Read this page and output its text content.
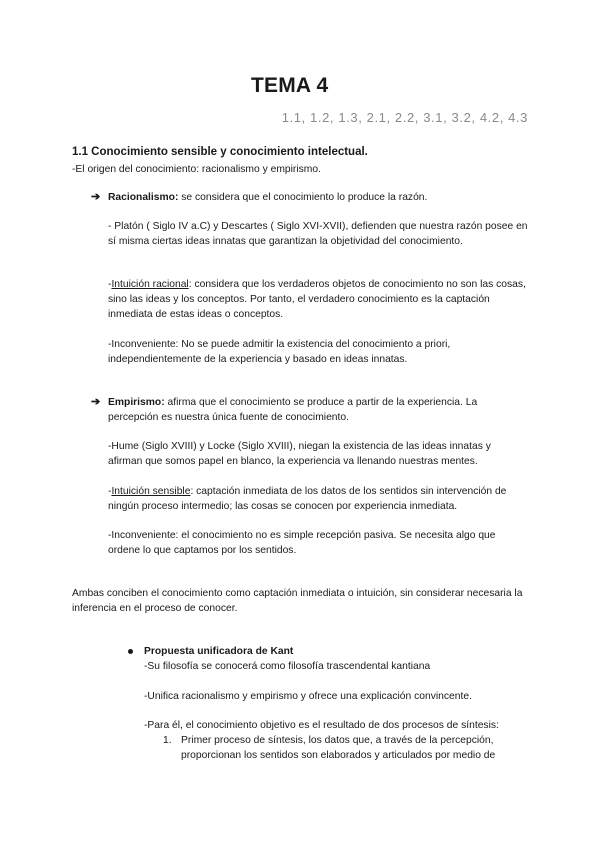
TEMA 4
1.1, 1.2, 1.3, 2.1, 2.2, 3.1, 3.2, 4.2, 4.3
1.1 Conocimiento sensible y conocimiento intelectual.
-El origen del conocimiento: racionalismo y empirismo.
➔ Racionalismo: se considera que el conocimiento lo produce la razón.
- Platón ( Siglo IV a.C) y Descartes ( Siglo XVI-XVII), defienden que nuestra razón posee en sí misma ciertas ideas innatas que garantizan la objetividad del conocimiento.
-Intuición racional: considera que los verdaderos objetos de conocimiento no son las cosas, sino las ideas y los conceptos. Por tanto, el verdadero conocimiento es la captación inmediata de estas ideas o conceptos.
-Inconveniente: No se puede admitir la existencia del conocimiento a priori, independientemente de la experiencia y basado en ideas innatas.
➔ Empirismo: afirma que el conocimiento se produce a partir de la experiencia. La percepción es nuestra única fuente de conocimiento.
-Hume (Siglo XVIII) y Locke (Siglo XVIII), niegan la existencia de las ideas innatas y afirman que somos papel en blanco, la experiencia va llenando nuestras mentes.
-Intuición sensible: captación inmediata de los datos de los sentidos sin intervención de ningún proceso intermedio; las cosas se conocen por experiencia inmediata.
-Inconveniente: el conocimiento no es simple recepción pasiva. Se necesita algo que ordene lo que captamos por los sentidos.
Ambas conciben el conocimiento como captación inmediata o intuición, sin considerar necesaria la inferencia en el proceso de conocer.
Propuesta unificadora de Kant
-Su filosofía se conocerá como filosofía trascendental kantiana
-Unifica racionalismo y empirismo y ofrece una explicación convincente.
-Para él, el conocimiento objetivo es el resultado de dos procesos de síntesis:
1. Primer proceso de síntesis, los datos que, a través de la percepción,
proporcionan los sentidos son elaborados y articulados por medio de
